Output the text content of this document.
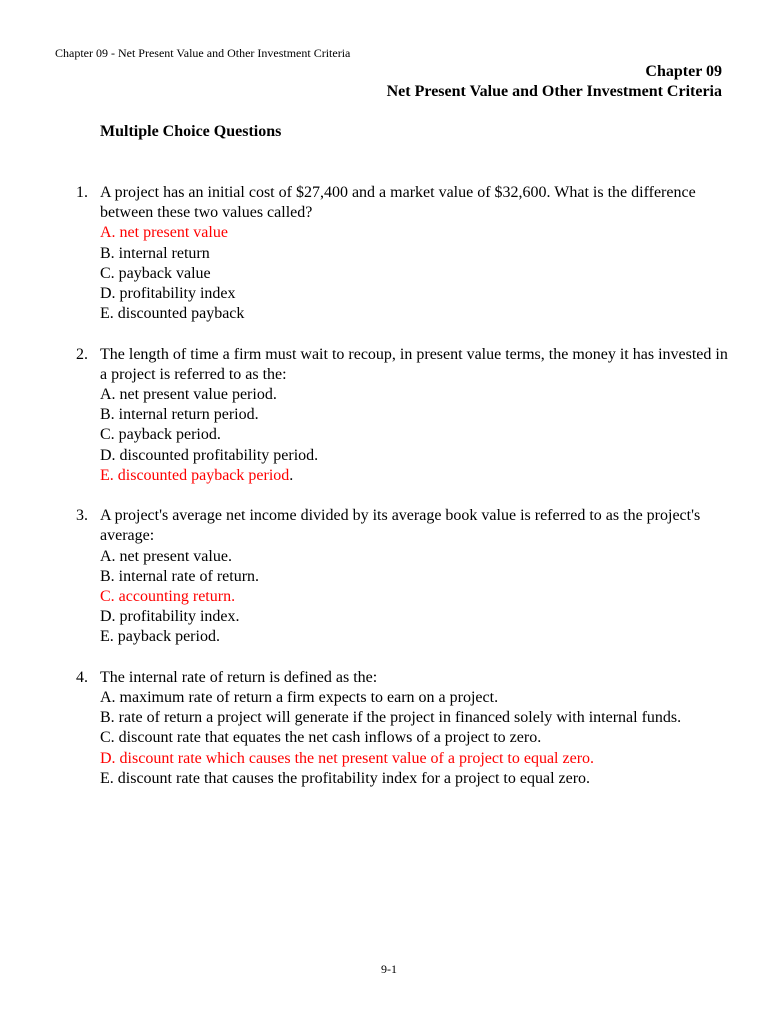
Chapter 09 - Net Present Value and Other Investment Criteria
Chapter 09
Net Present Value and Other Investment Criteria
Multiple Choice Questions
1. A project has an initial cost of $27,400 and a market value of $32,600. What is the difference between these two values called?
A. net present value
B. internal return
C. payback value
D. profitability index
E. discounted payback
2. The length of time a firm must wait to recoup, in present value terms, the money it has invested in a project is referred to as the:
A. net present value period.
B. internal return period.
C. payback period.
D. discounted profitability period.
E. discounted payback period.
3. A project's average net income divided by its average book value is referred to as the project's average:
A. net present value.
B. internal rate of return.
C. accounting return.
D. profitability index.
E. payback period.
4. The internal rate of return is defined as the:
A. maximum rate of return a firm expects to earn on a project.
B. rate of return a project will generate if the project in financed solely with internal funds.
C. discount rate that equates the net cash inflows of a project to zero.
D. discount rate which causes the net present value of a project to equal zero.
E. discount rate that causes the profitability index for a project to equal zero.
9-1
